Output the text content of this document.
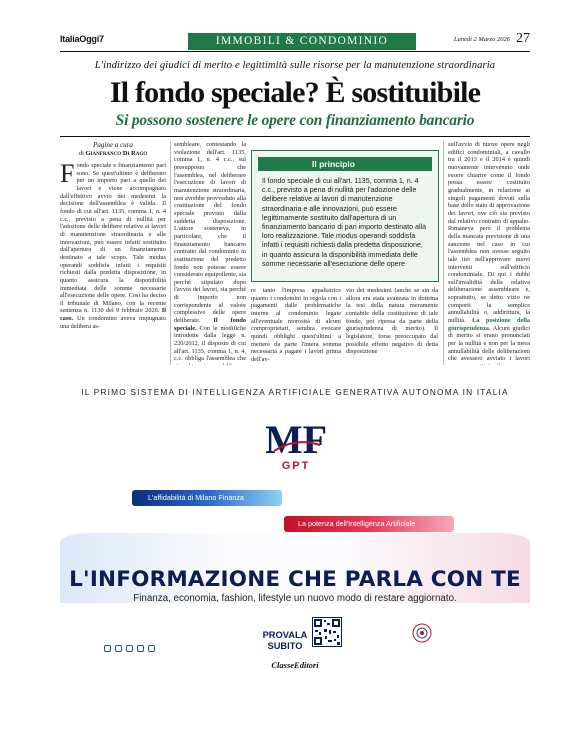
ItaliaOggi7	IMMOBILI & CONDOMINIO	Lunedì 2 Marzo 2026 27
L'indirizzo dei giudici di merito e legittimità sulle risorse per la manutenzione straordinaria
Il fondo speciale? È sostituibile
Si possono sostenere le opere con finanziamento bancario
Pagine a cura
di Gianfranco Di Rago

Fondo speciale e finanziamento pari sono. Se quest'ultimo è deliberato per un importo pari a quello dei lavori e viene accompagnato dall'effettivo avvio dei medesimi la decisione dell'assemblea è valida. Il fondo di cui all'art. 1135, comma 1, n. 4 c.c., previsto a pena di nullità per l'adozione delle delibere relative ai lavori di manutenzione straordinaria e alle innovazioni, può essere infatti sostituito dall'apertura di un finanziamento destinato a tale scopo. Tale modus operandi soddisfa infatti i requisiti richiesti dalla predetta disposizione, in quanto assicura la disponibilità immediata delle somme necessarie all'esecuzione delle opere. Così ha deciso il tribunale di Milano, con la recente sentenza n. 1130 del 9 febbraio 2026. Il caso. Un condomino aveva impugnato una delibera as-

sembleare, contestando la violazione dell'art. 1135, comma 1, n. 4 c.c., sul presupposto che l'assemblea, nel deliberare l'esecuzione di lavori di manutenzione straordinaria, non avrebbe provveduto alla costituzione del fondo speciale previsto dalla suddetta disposizione. L'attore sosteneva, in particolare, che il finanziamento bancario contratto dal condominio in sostituzione del predetto fondo non potesse essere considerato equipollente, sia perché stipulato dopo l'avvio dei lavori, sia perché di importo non corrispondente al valore complessivo delle opere deliberate. Il fondo speciale. Con le modifiche introdotte dalla legge n. 220/2012, il disposto di cui all'art. 1135, comma 1, n. 4, c.c. obbliga l'assemblea che

Il principio
Il fondo speciale di cui all'art. 1135, comma 1, n. 4 c.c., previsto a pena di nullità per l'adozione delle delibere relative ai lavori di manutenzione straordinaria e alle innovazioni, può essere legittimamente sostituito dall'apertura di un finanziamento bancario di pari importo destinato alla loro realizzazione. Tale modus operandi soddisfa infatti i requisiti richiesti dalla predetta disposizione, in quanto assicura la disponibilità immediata delle somme necessarie all'esecuzione delle opere

re tanto l'impresa appaltatrice quanto i condomini in regola con i pagamenti dalle problematiche interne al condominio legate all'eventuale morosità di alcuni comproprietari, sembra evocare quindi obblighi quest'ultimi a mettere da parte l'intera somma necessaria a pagare i lavori prima dell'av-

vio dei medesimi (anche se sin da allora era stata avanzata in dottrina la tesi della natura meramente contabile della costituzione di tale fondo, poi ripresa da parte della giurisprudenza di merito). Il legislatore, forse preoccupato dal possibile effetto negativo di detta disposizione

sull'avvio di nuove opere negli edifici condominiali, a cavallo tra il 2013 e il 2014 è quindi nuovamente intervenuto onde essere chiarire come il fondo possa essere costituito gradualmente, in relazione ai singoli pagamenti dovuti sulla base dello stato di approvazione dei lavori, ove ciò sia previsto dal relativo contratto di appalto. Rimaneva però il problema della mancata previsione di una sanzione nel caso in cui l'assemblea non avesse seguito tale iter nell'approvare nuovi interventi sull'edificio condominiale. Di qui i dubbi sull'invalidità della relativa deliberazione assembleare e, soprattutto, se detto vizio ne comporti la semplice annullabilità o, addirittura, la nullità. La posizione della giurisprudenza. Alcuni giudici di merito si erano pronunciati per la nullità e non per la mera annullabilità delle deliberazioni che avessero avviato i lavori

IL PRIMO SISTEMA DI INTELLIGENZA ARTIFICIALE GENERATIVA AUTONOMA IN ITALIA
MF
GPT
L'affidabilità di Milano Finanza
La potenza dell'Intelligenza Artificiale
L'INFORMAZIONE CHE PARLA CON TE
Finanza, economia, fashion, lifestyle un nuovo modo di restare aggiornato.
PROVALA
SUBITO
ClasseEditori
